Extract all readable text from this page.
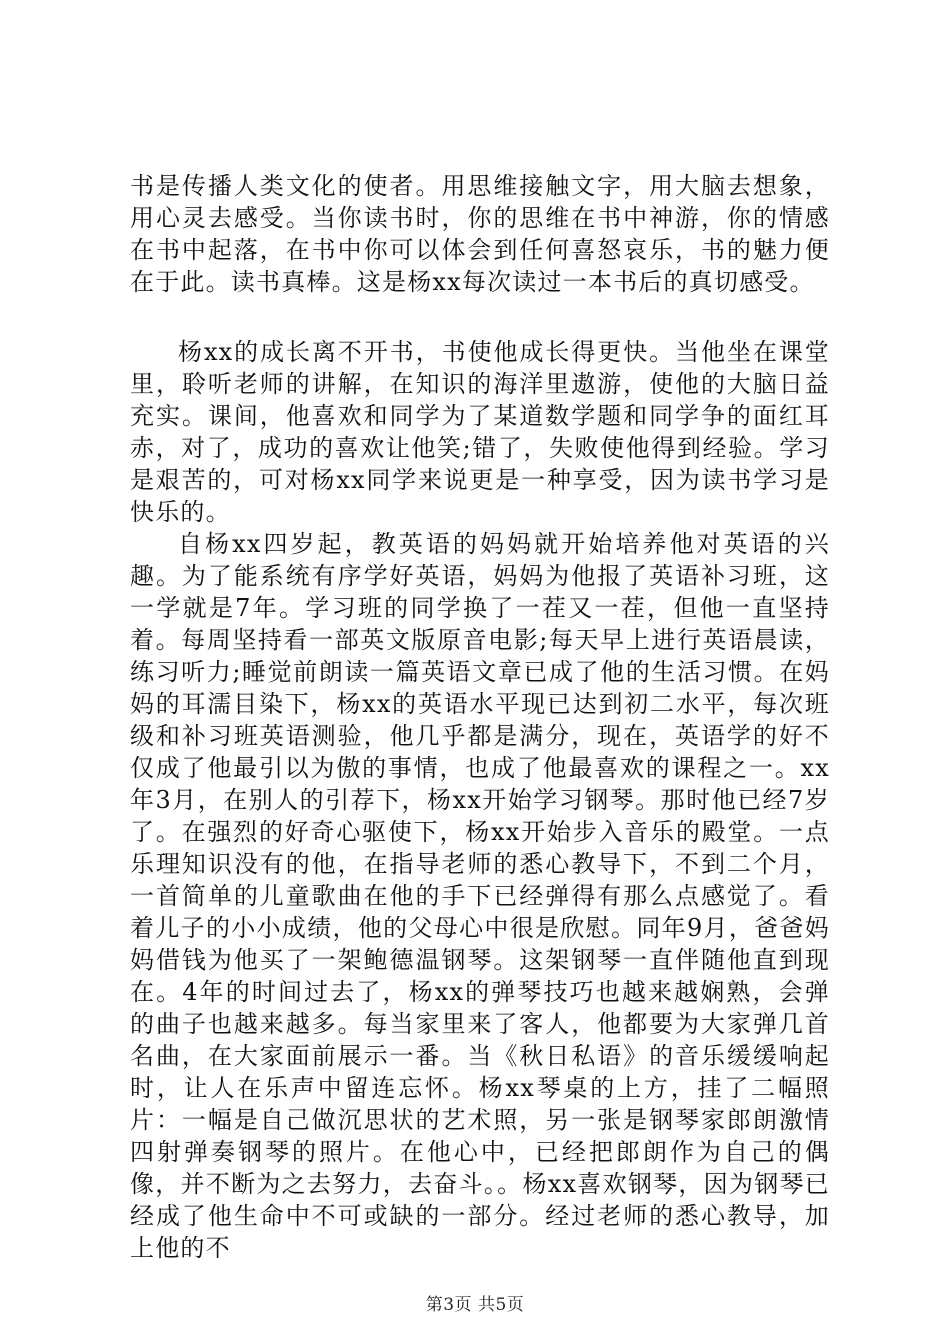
书是传播人类文化的使者。用思维接触文字，用大脑去想象，用心灵去感受。当你读书时，你的思维在书中神游，你的情感在书中起落，在书中你可以体会到任何喜怒哀乐，书的魅力便在于此。读书真棒。这是杨xx每次读过一本书后的真切感受。

杨xx的成长离不开书，书使他成长得更快。当他坐在课堂里，聆听老师的讲解，在知识的海洋里遨游，使他的大脑日益充实。课间，他喜欢和同学为了某道数学题和同学争的面红耳赤，对了，成功的喜欢让他笑;错了，失败使他得到经验。学习是艰苦的，可对杨xx同学来说更是一种享受，因为读书学习是快乐的。

自杨xx四岁起，教英语的妈妈就开始培养他对英语的兴趣。为了能系统有序学好英语，妈妈为他报了英语补习班，这一学就是7年。学习班的同学换了一茬又一茬，但他一直坚持着。每周坚持看一部英文版原音电影;每天早上进行英语晨读，练习听力;睡觉前朗读一篇英语文章已成了他的生活习惯。在妈妈的耳濡目染下，杨xx的英语水平现已达到初二水平，每次班级和补习班英语测验，他几乎都是满分，现在，英语学的好不仅成了他最引以为傲的事情，也成了他最喜欢的课程之一。xx年3月，在别人的引荐下，杨xx开始学习钢琴。那时他已经7岁了。在强烈的好奇心驱使下，杨xx开始步入音乐的殿堂。一点乐理知识没有的他，在指导老师的悉心教导下，不到二个月，一首简单的儿童歌曲在他的手下已经弹得有那么点感觉了。看着儿子的小小成绩，他的父母心中很是欣慰。同年9月，爸爸妈妈借钱为他买了一架鲍德温钢琴。这架钢琴一直伴随他直到现在。4年的时间过去了，杨xx的弹琴技巧也越来越娴熟，会弹的曲子也越来越多。每当家里来了客人，他都要为大家弹几首名曲，在大家面前展示一番。当《秋日私语》的音乐缓缓响起时，让人在乐声中留连忘怀。杨xx琴桌的上方，挂了二幅照片：一幅是自己做沉思状的艺术照，另一张是钢琴家郎朗激情四射弹奏钢琴的照片。在他心中，已经把郎朗作为自己的偶像，并不断为之去努力，去奋斗。。杨xx喜欢钢琴，因为钢琴已经成了他生命中不可或缺的一部分。经过老师的悉心教导，加上他的不

第3页 共5页
